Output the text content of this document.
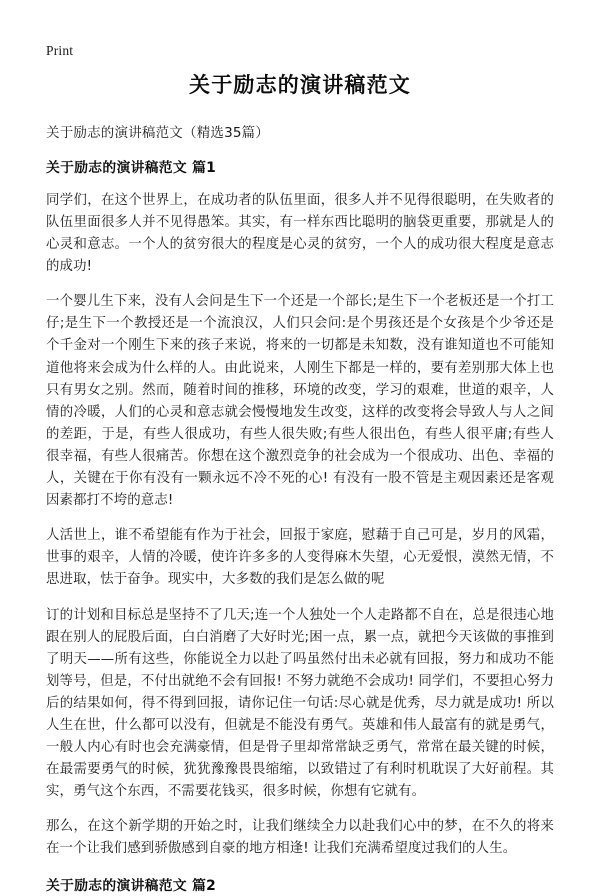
Print
关于励志的演讲稿范文

关于励志的演讲稿范文（精选35篇）

关于励志的演讲稿范文 篇1

同学们，在这个世界上，在成功者的队伍里面，很多人并不见得很聪明，在失败者的队伍里面很多人并不见得愚笨。其实，有一样东西比聪明的脑袋更重要，那就是人的心灵和意志。一个人的贫穷很大的程度是心灵的贫穷，一个人的成功很大程度是意志的成功!

一个婴儿生下来，没有人会问是生下一个还是一个部长;是生下一个老板还是一个打工仔;是生下一个教授还是一个流浪汉，人们只会问:是个男孩还是个女孩是个少爷还是个千金对一个刚生下来的孩子来说，将来的一切都是未知数，没有谁知道也不可能知道他将来会成为什么样的人。由此说来，人刚生下都是一样的，要有差别那大体上也只有男女之别。然而，随着时间的推移，环境的改变，学习的艰难，世道的艰辛，人情的冷暖，人们的心灵和意志就会慢慢地发生改变，这样的改变将会导致人与人之间的差距，于是，有些人很成功，有些人很失败;有些人很出色，有些人很平庸;有些人很幸福，有些人很痛苦。你想在这个激烈竞争的社会成为一个很成功、出色、幸福的人，关键在于你有没有一颗永远不冷不死的心! 有没有一股不管是主观因素还是客观因素都打不垮的意志!

人活世上，谁不希望能有作为于社会，回报于家庭，慰藉于自己可是，岁月的风霜，世事的艰辛，人情的冷暖，使许许多多的人变得麻木失望，心无爱恨，漠然无情，不思进取，怯于奋争。现实中，大多数的我们是怎么做的呢

订的计划和目标总是坚持不了几天;连一个人独处一个人走路都不自在，总是很违心地跟在别人的屁股后面，白白消磨了大好时光;困一点，累一点，就把今天该做的事推到了明天——所有这些，你能说全力以赴了吗虽然付出未必就有回报，努力和成功不能划等号，但是，不付出就绝不会有回报! 不努力就绝不会成功! 同学们，不要担心努力后的结果如何，得不得到回报，请你记住一句话:尽心就是优秀，尽力就是成功! 所以人生在世，什么都可以没有，但就是不能没有勇气。英雄和伟人最富有的就是勇气，一般人内心有时也会充满豪情，但是骨子里却常常缺乏勇气，常常在最关键的时候，在最需要勇气的时候，犹犹豫豫畏畏缩缩，以致错过了有利时机耽误了大好前程。其实，勇气这个东西，不需要花钱买，很多时候，你想有它就有。

那么，在这个新学期的开始之时，让我们继续全力以赴我们心中的梦，在不久的将来在一个让我们感到骄傲感到自豪的地方相逢! 让我们充满希望度过我们的人生。

关于励志的演讲稿范文 篇2
